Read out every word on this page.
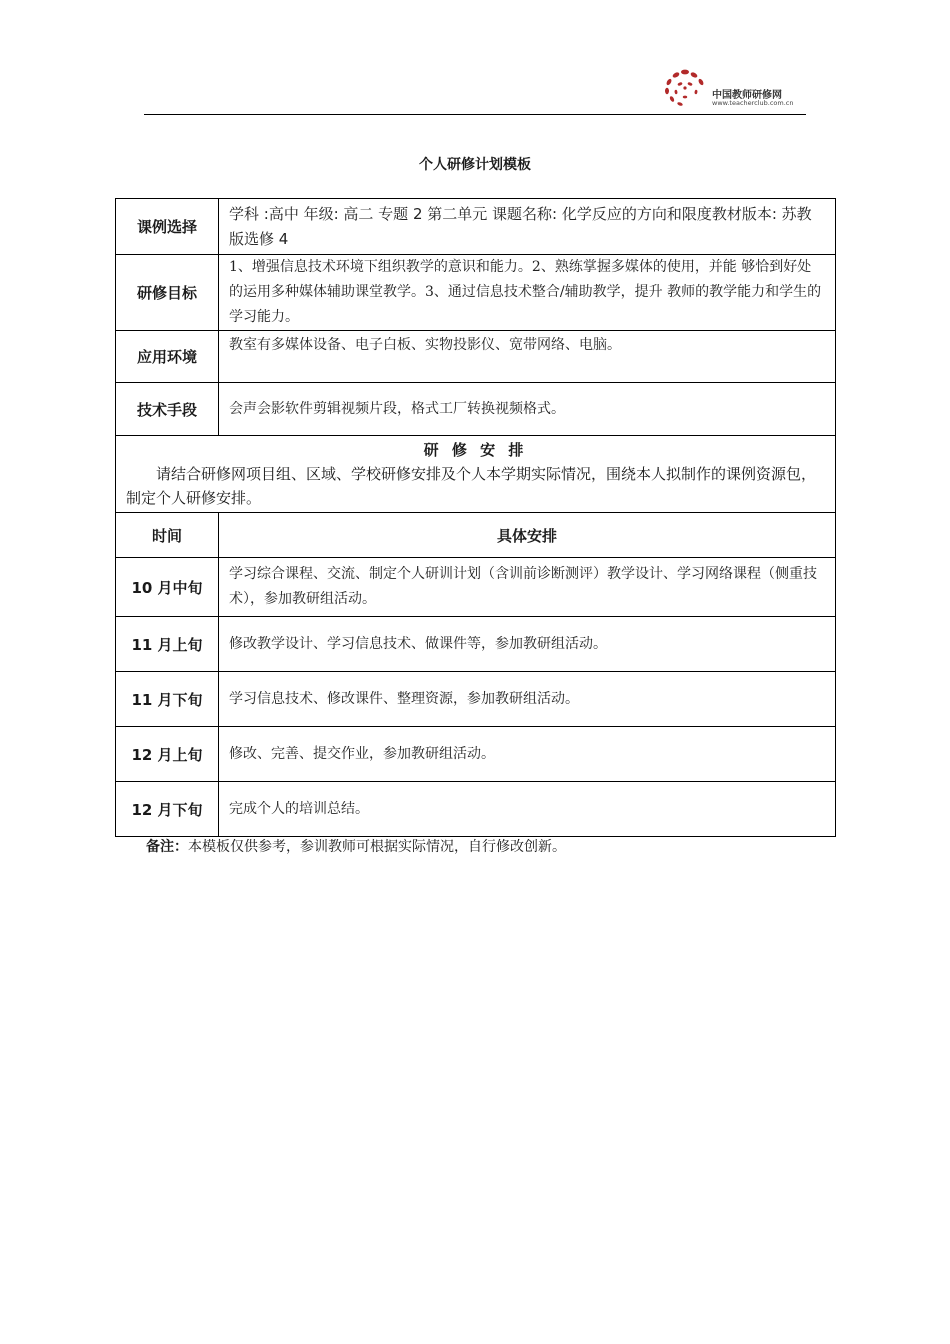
中国教师研修网
www.teacherclub.com.cn
个人研修计划模板
课例选择	学科 :高中 年级: 高二 专题 2 第二单元 课题名称: 化学反应的方向和限度教材版本: 苏教版选修 4
研修目标	1、增强信息技术环境下组织教学的意识和能力。2、熟练掌握多媒体的使用，并能 够恰到好处的运用多种媒体辅助课堂教学。3、通过信息技术整合/辅助教学，提升 教师的教学能力和学生的学习能力。
应用环境	教室有多媒体设备、电子白板、实物投影仪、宽带网络、电脑。
技术手段	会声会影软件剪辑视频片段，格式工厂转换视频格式。

研 修 安 排
请结合研修网项目组、区域、学校研修安排及个人本学期实际情况，围绕本人拟制作的课例资源包，制定个人研修安排。	

时间	具体安排
10 月中旬	学习综合课程、交流、制定个人研训计划（含训前诊断测评）教学设计、学习网络课程（侧重技术），参加教研组活动。
11 月上旬	修改教学设计、学习信息技术、做课件等，参加教研组活动。
11 月下旬	学习信息技术、修改课件、整理资源，参加教研组活动。
12 月上旬	修改、完善、提交作业，参加教研组活动。
12 月下旬	完成个人的培训总结。
备注：本模板仅供参考，参训教师可根据实际情况，自行修改创新。
